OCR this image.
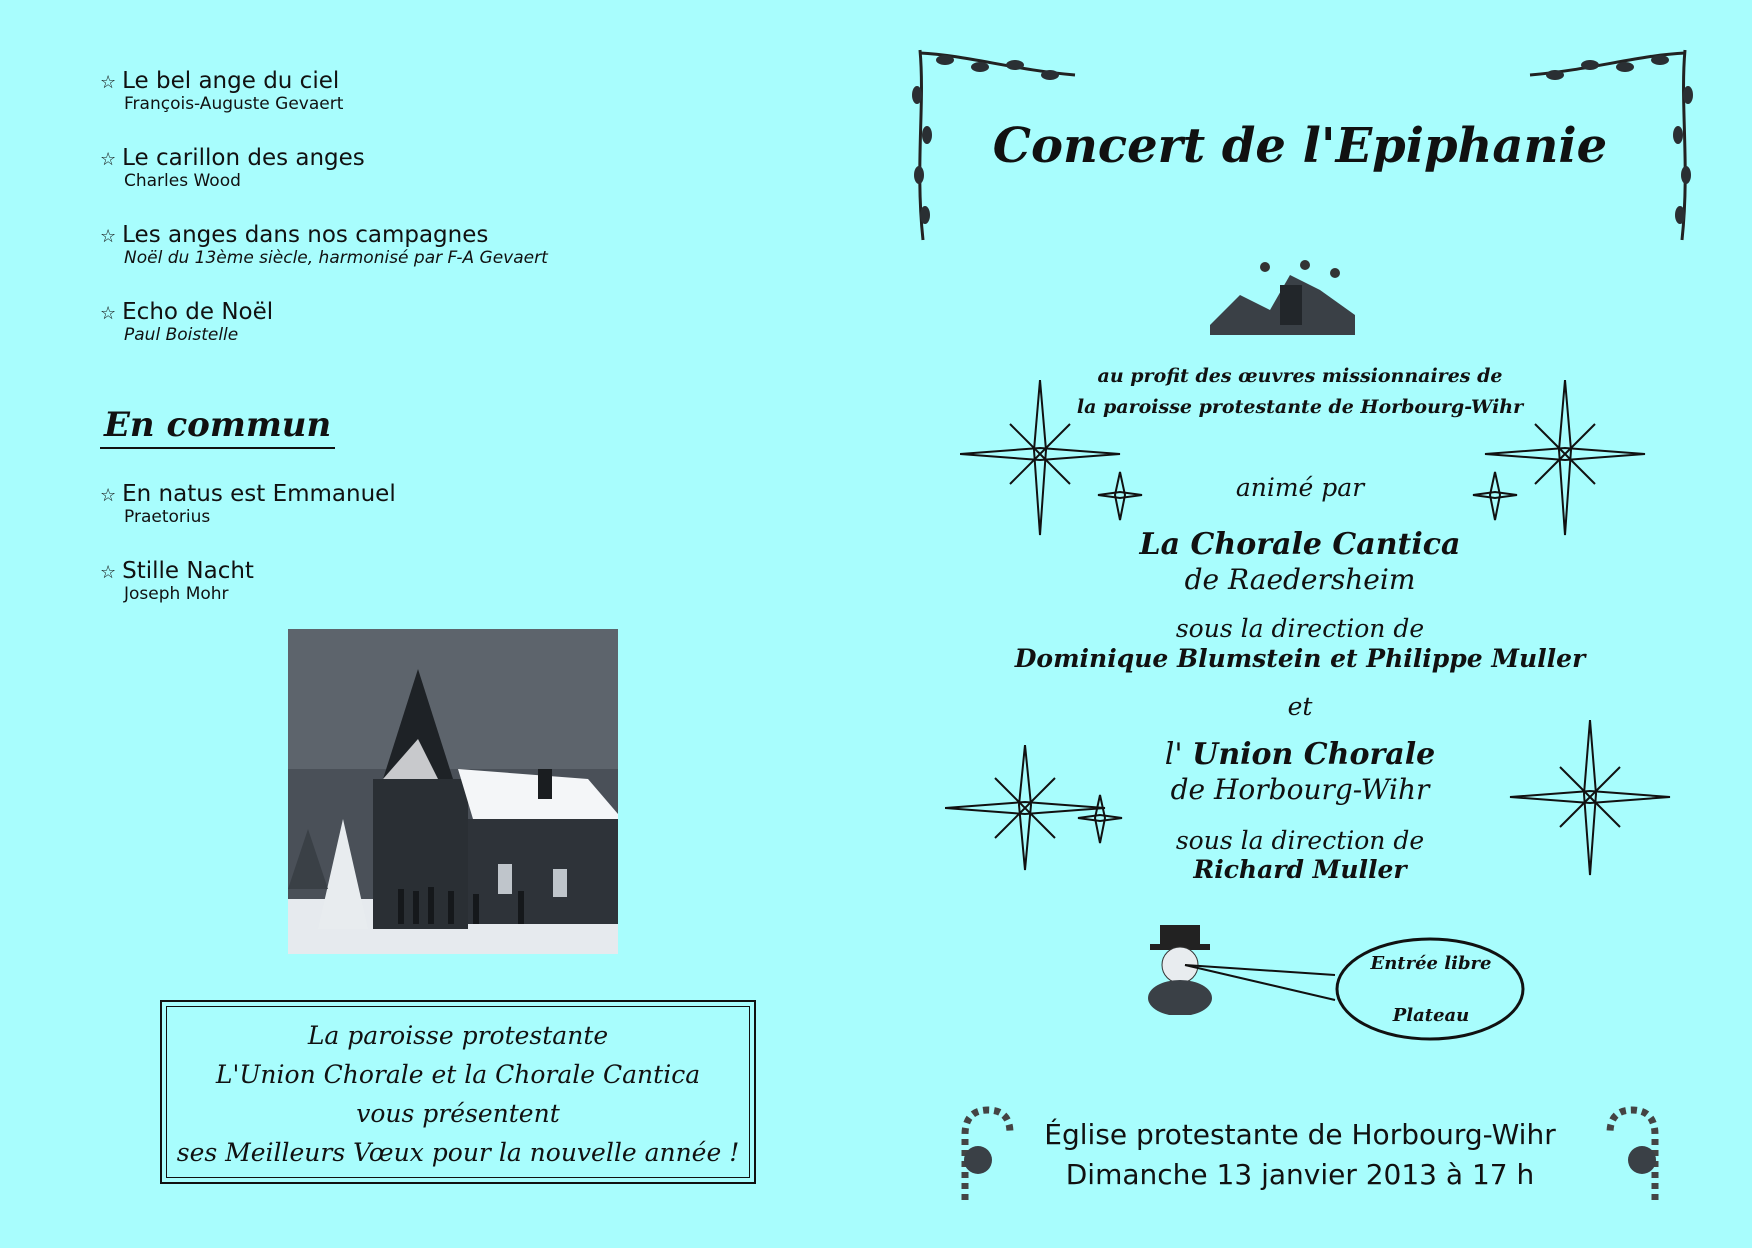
☆ Le bel ange du ciel
François-Auguste Gevaert
☆ Le carillon des anges
Charles Wood
☆ Les anges dans nos campagnes
Noël du 13ème siècle, harmonisé par F-A Gevaert
☆ Echo de Noël
Paul Boistelle
En commun
☆ En natus est Emmanuel
Praetorius
☆ Stille Nacht
Joseph Mohr
La paroisse protestante
L'Union Chorale et la Chorale Cantica
vous présentent
ses Meilleurs Vœux pour la nouvelle année !
Concert de l'Epiphanie
au profit des œuvres missionnaires de
la paroisse protestante de Horbourg-Wihr
animé par
La Chorale Cantica
de Raedersheim
sous la direction de
Dominique Blumstein et Philippe Muller
et
l' Union Chorale
de Horbourg-Wihr
sous la direction de
Richard Muller
Entrée libre
Plateau
Église protestante de Horbourg-Wihr
Dimanche 13 janvier 2013 à 17 h
